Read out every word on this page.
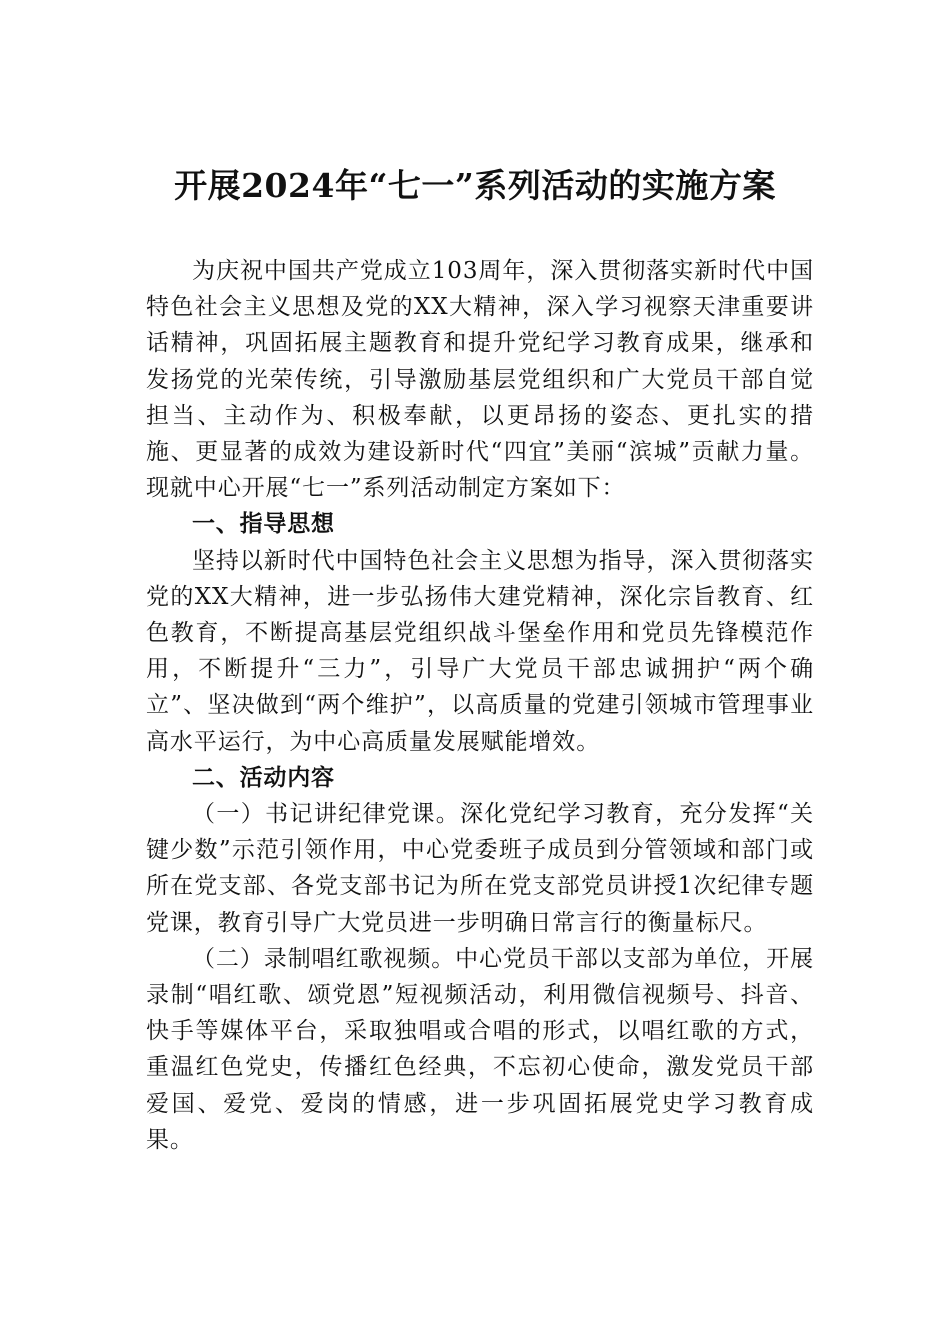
开展2024年“七一”系列活动的实施方案

为庆祝中国共产党成立103周年，深入贯彻落实新时代中国特色社会主义思想及党的XX大精神，深入学习视察天津重要讲话精神，巩固拓展主题教育和提升党纪学习教育成果，继承和发扬党的光荣传统，引导激励基层党组织和广大党员干部自觉担当、主动作为、积极奉献，以更昂扬的姿态、更扎实的措施、更显著的成效为建设新时代“四宜”美丽“滨城”贡献力量。现就中心开展“七一”系列活动制定方案如下：

一、指导思想

坚持以新时代中国特色社会主义思想为指导，深入贯彻落实党的XX大精神，进一步弘扬伟大建党精神，深化宗旨教育、红色教育，不断提高基层党组织战斗堡垒作用和党员先锋模范作用，不断提升“三力”，引导广大党员干部忠诚拥护“两个确立”、坚决做到“两个维护”，以高质量的党建引领城市管理事业高水平运行，为中心高质量发展赋能增效。

二、活动内容

（一）书记讲纪律党课。深化党纪学习教育，充分发挥“关键少数”示范引领作用，中心党委班子成员到分管领域和部门或所在党支部、各党支部书记为所在党支部党员讲授1次纪律专题党课，教育引导广大党员进一步明确日常言行的衡量标尺。

（二）录制唱红歌视频。中心党员干部以支部为单位，开展录制“唱红歌、颂党恩”短视频活动，利用微信视频号、抖音、快手等媒体平台，采取独唱或合唱的形式，以唱红歌的方式，重温红色党史，传播红色经典，不忘初心使命，激发党员干部爱国、爱党、爱岗的情感，进一步巩固拓展党史学习教育成果。
